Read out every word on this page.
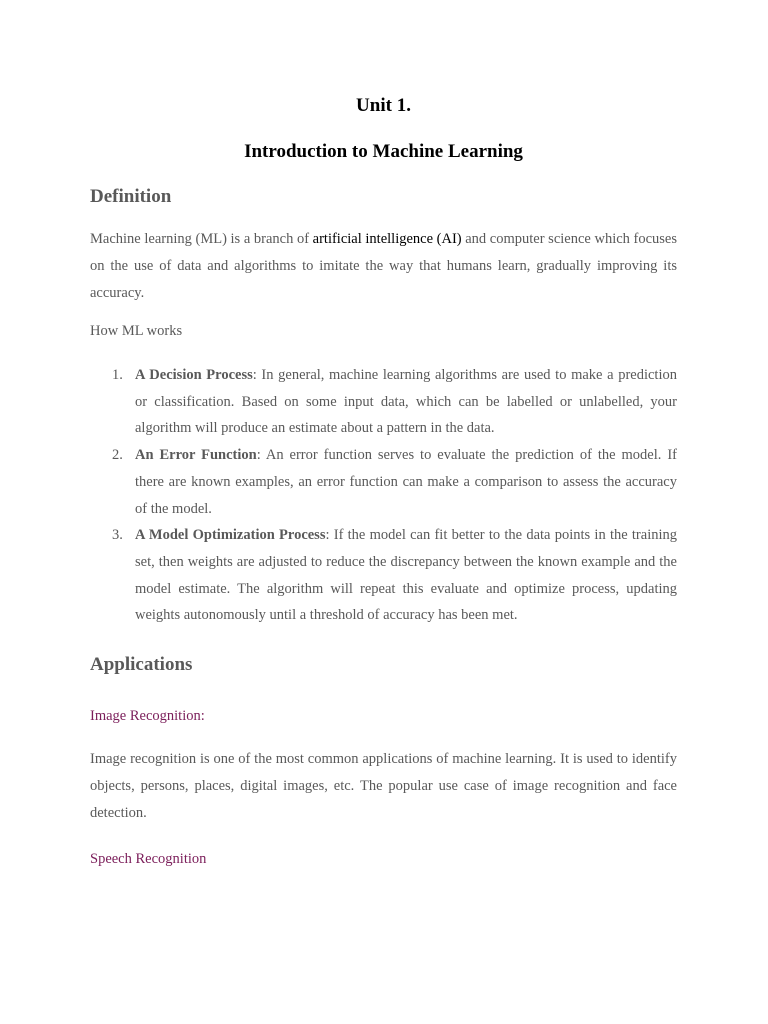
Unit 1.
Introduction to Machine Learning
Definition

Machine learning (ML) is a branch of artificial intelligence (AI) and computer science which focuses on the use of data and algorithms to imitate the way that humans learn, gradually improving its accuracy.

How ML works

1. A Decision Process: In general, machine learning algorithms are used to make a prediction or classification. Based on some input data, which can be labelled or unlabelled, your algorithm will produce an estimate about a pattern in the data.
2. An Error Function: An error function serves to evaluate the prediction of the model. If there are known examples, an error function can make a comparison to assess the accuracy of the model.
3. A Model Optimization Process: If the model can fit better to the data points in the training set, then weights are adjusted to reduce the discrepancy between the known example and the model estimate. The algorithm will repeat this evaluate and optimize process, updating weights autonomously until a threshold of accuracy has been met.
Applications

Image Recognition:

Image recognition is one of the most common applications of machine learning. It is used to identify objects, persons, places, digital images, etc. The popular use case of image recognition and face detection.

Speech Recognition
